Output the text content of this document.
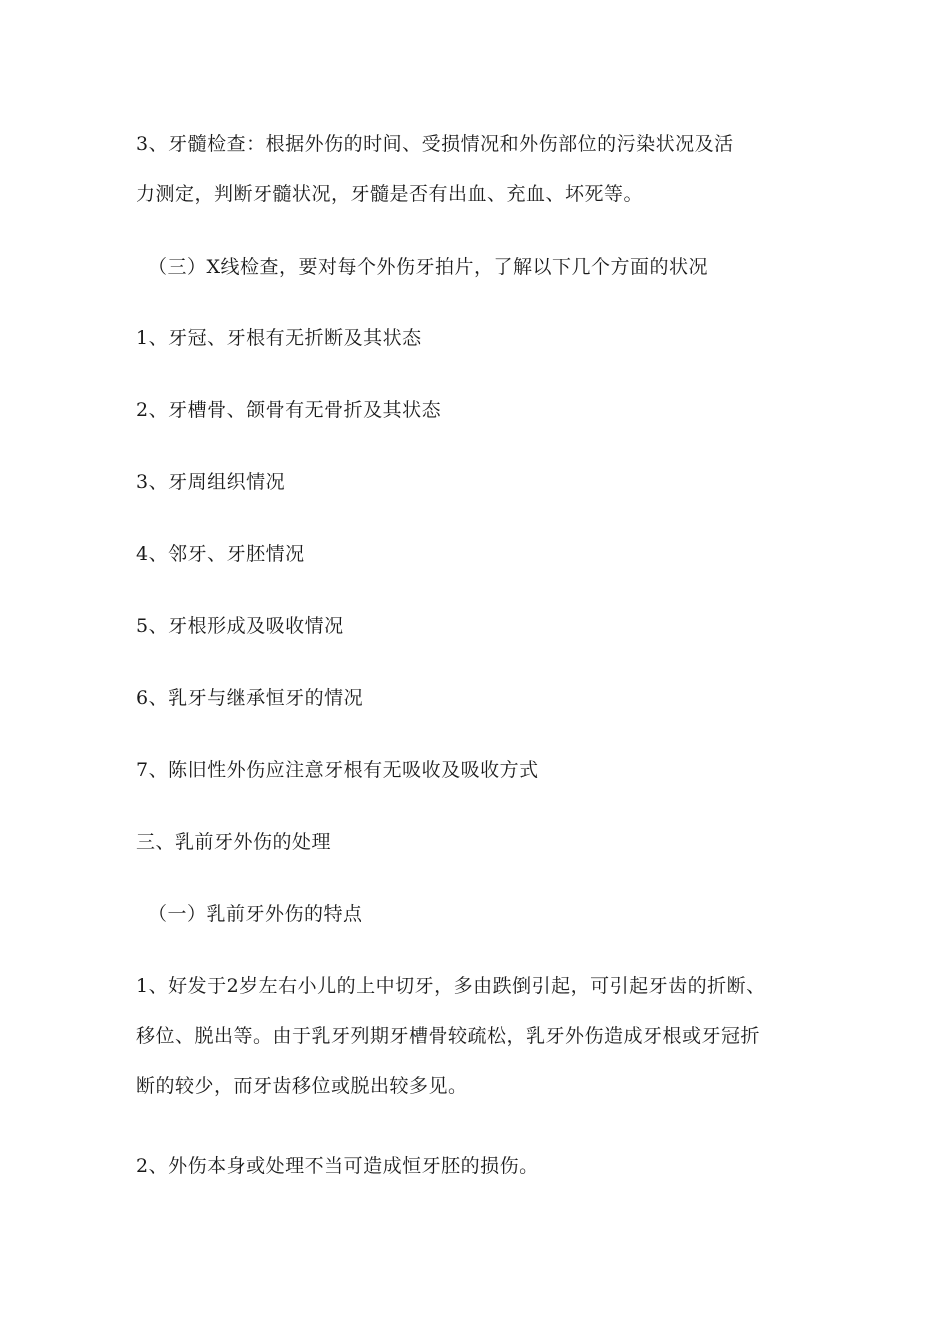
3、牙髓检查：根据外伤的时间、受损情况和外伤部位的污染状况及活
力测定，判断牙髓状况，牙髓是否有出血、充血、坏死等。
（三）X线检查，要对每个外伤牙拍片，了解以下几个方面的状况
1、牙冠、牙根有无折断及其状态
2、牙槽骨、颌骨有无骨折及其状态
3、牙周组织情况
4、邻牙、牙胚情况
5、牙根形成及吸收情况
6、乳牙与继承恒牙的情况
7、陈旧性外伤应注意牙根有无吸收及吸收方式
三、乳前牙外伤的处理
（一）乳前牙外伤的特点
1、好发于2岁左右小儿的上中切牙，多由跌倒引起，可引起牙齿的折断、
移位、脱出等。由于乳牙列期牙槽骨较疏松，乳牙外伤造成牙根或牙冠折
断的较少，而牙齿移位或脱出较多见。
2、外伤本身或处理不当可造成恒牙胚的损伤。
